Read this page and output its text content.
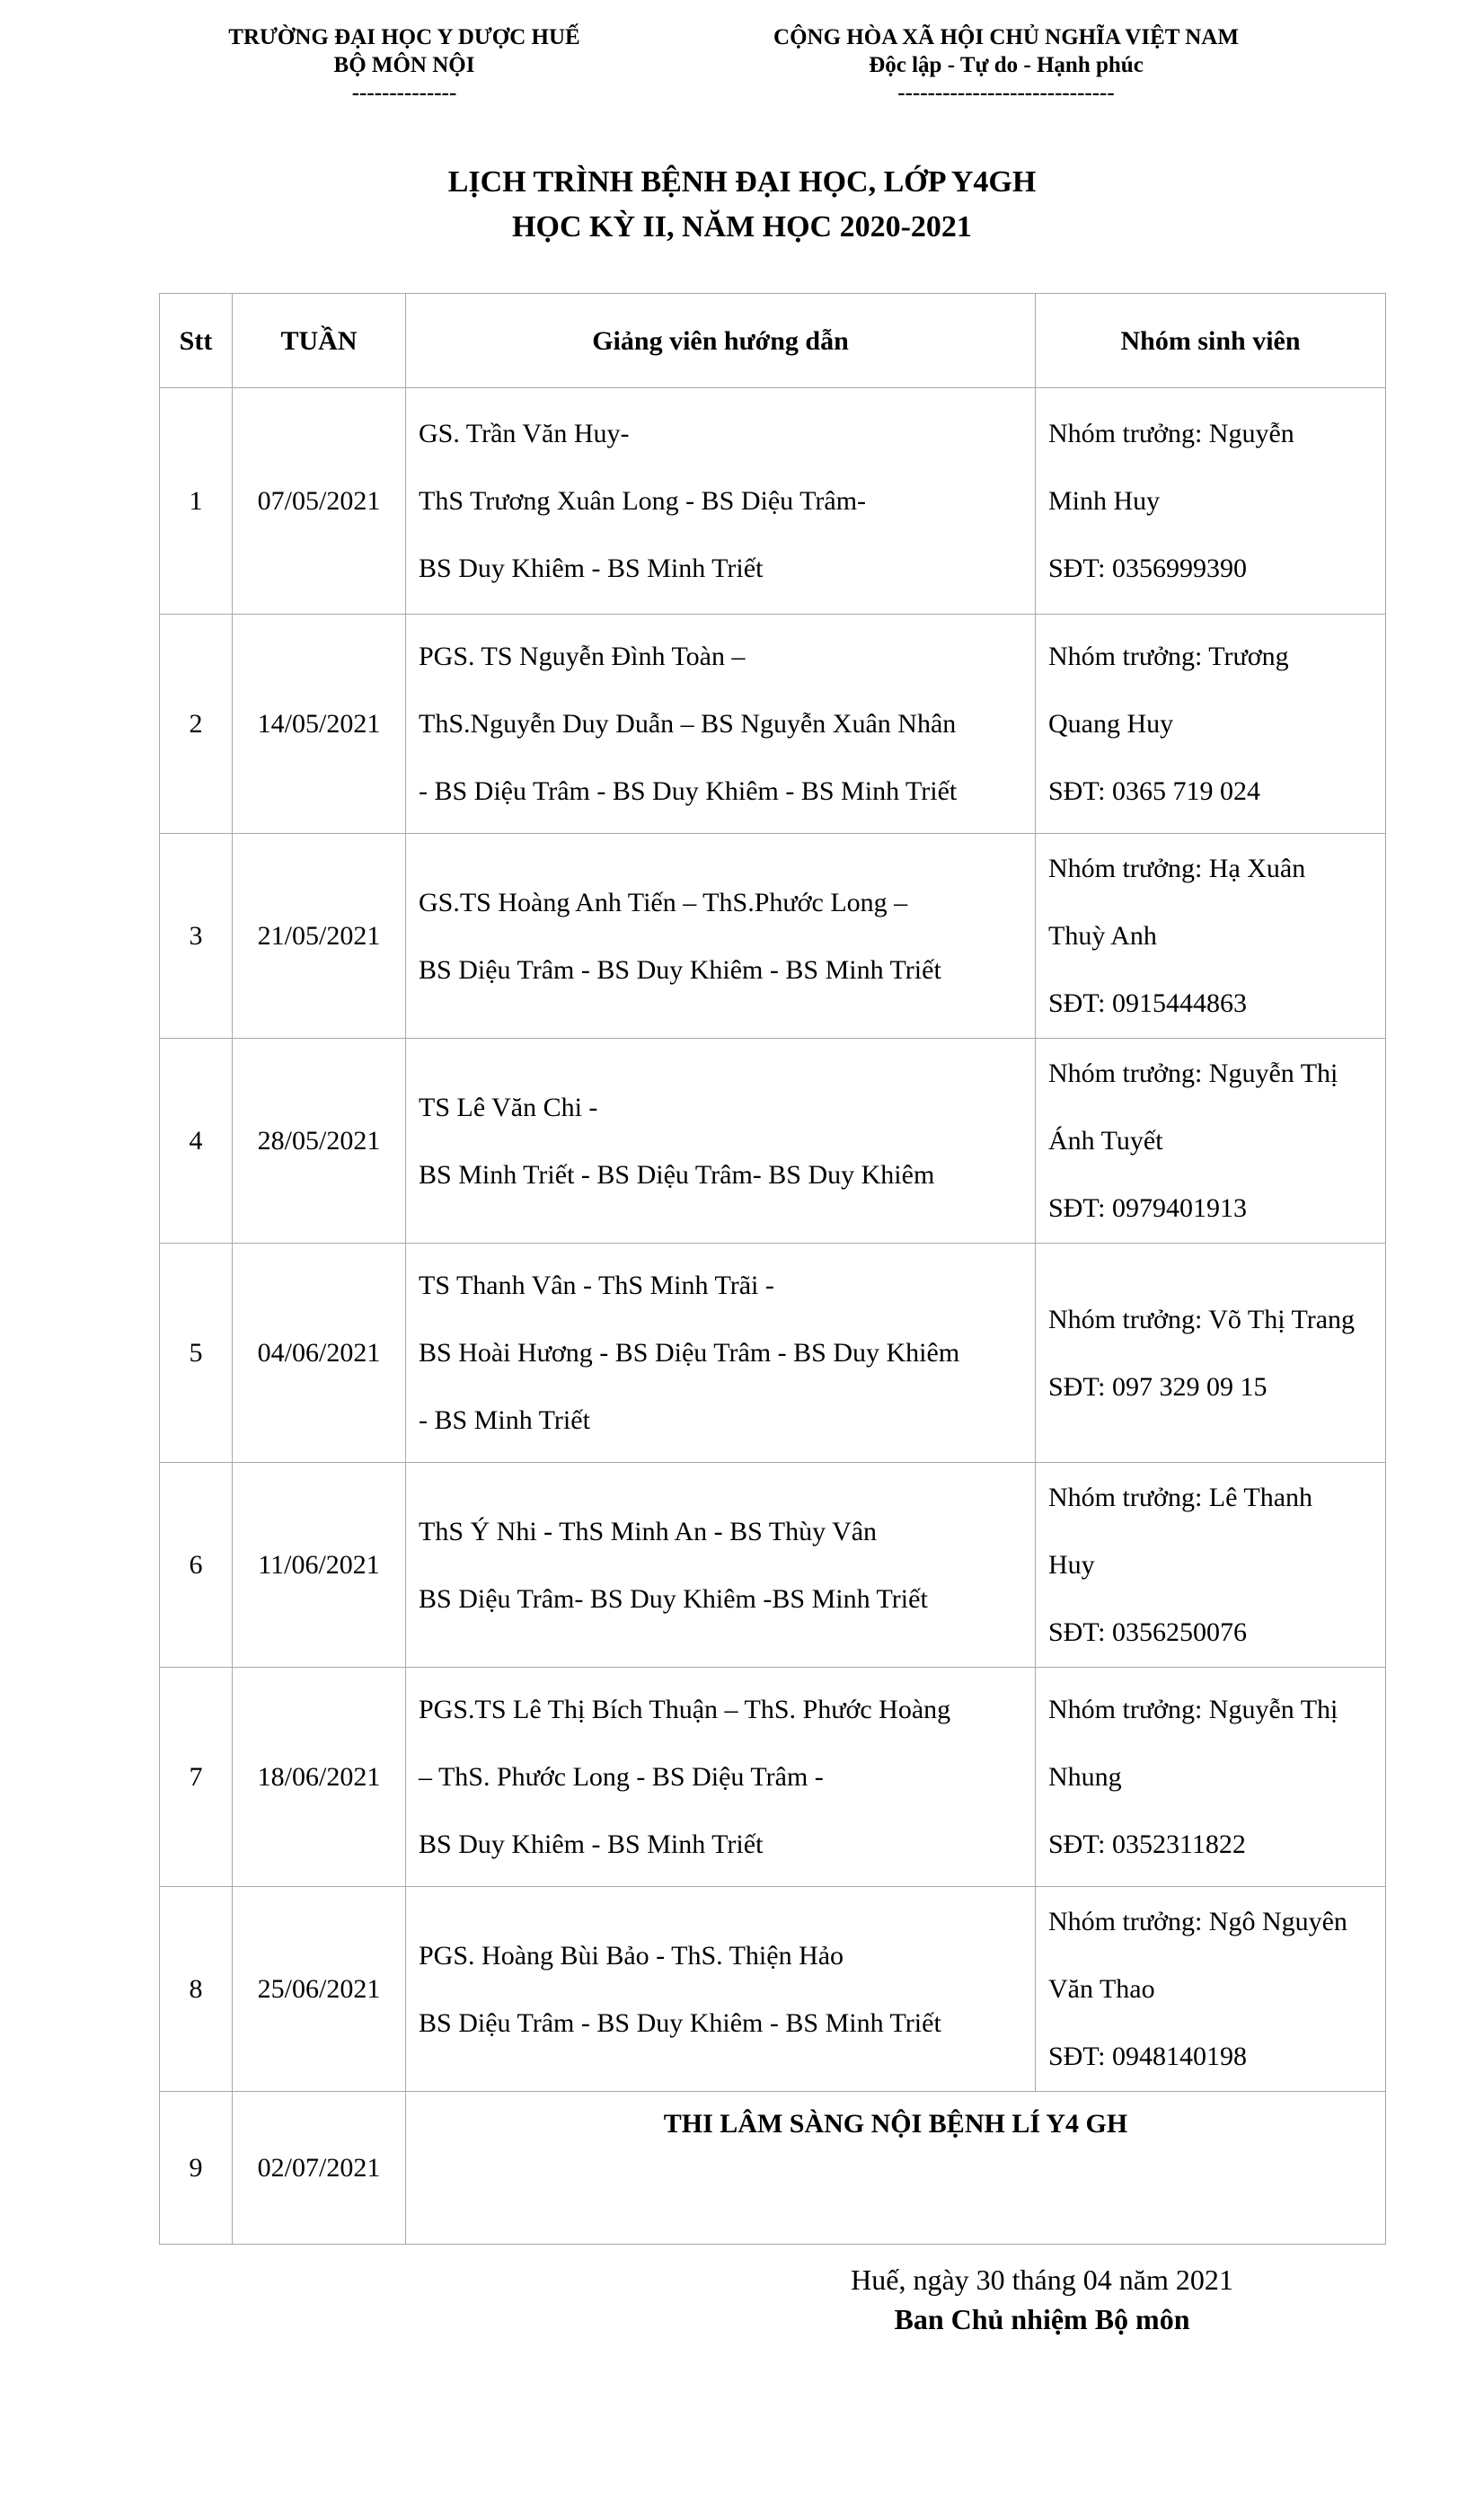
TRƯỜNG ĐẠI HỌC Y DƯỢC HUẾ
BỘ MÔN NỘI
--------------
CỘNG HÒA XÃ HỘI CHỦ NGHĨA VIỆT NAM
Độc lập - Tự do - Hạnh phúc
-----------------------------
LỊCH TRÌNH BỆNH ĐẠI HỌC, LỚP Y4GH
HỌC KỲ II, NĂM HỌC 2020-2021
Stt	TUẦN	Giảng viên hướng dẫn	Nhóm sinh viên
1	07/05/2021	GS. Trần Văn Huy-
ThS Trương Xuân Long - BS Diệu Trâm-
BS Duy Khiêm - BS Minh Triết	Nhóm trưởng: Nguyễn
Minh Huy
SĐT: 0356999390

2	14/05/2021	PGS. TS Nguyễn Đình Toàn –
ThS.Nguyễn Duy Duẫn – BS Nguyễn Xuân Nhân
- BS Diệu Trâm - BS Duy Khiêm - BS Minh Triết	Nhóm trưởng: Trương
Quang Huy
SĐT: 0365 719 024

3	21/05/2021	GS.TS Hoàng Anh Tiến – ThS.Phước Long –
BS Diệu Trâm - BS Duy Khiêm - BS Minh Triết	Nhóm trưởng: Hạ Xuân
Thuỳ Anh
SĐT: 0915444863

4	28/05/2021	TS Lê Văn Chi -
BS Minh Triết - BS Diệu Trâm- BS Duy Khiêm	Nhóm trưởng: Nguyễn Thị
Ánh Tuyết
SĐT: 0979401913

5	04/06/2021	TS Thanh Vân - ThS Minh Trãi -
BS Hoài Hương - BS Diệu Trâm - BS Duy Khiêm
- BS Minh Triết	Nhóm trưởng: Võ Thị Trang
SĐT: 097 329 09 15

6	11/06/2021	ThS Ý Nhi - ThS Minh An - BS Thùy Vân
BS Diệu Trâm- BS Duy Khiêm -BS Minh Triết	Nhóm trưởng: Lê Thanh
Huy
SĐT: 0356250076

7	18/06/2021	PGS.TS Lê Thị Bích Thuận – ThS. Phước Hoàng
– ThS. Phước Long - BS Diệu Trâm -
BS Duy Khiêm - BS Minh Triết	Nhóm trưởng: Nguyễn Thị
Nhung
SĐT: 0352311822

8	25/06/2021	PGS. Hoàng Bùi Bảo - ThS. Thiện Hảo
BS Diệu Trâm - BS Duy Khiêm - BS Minh Triết	Nhóm trưởng: Ngô Nguyên
Văn Thao
SĐT: 0948140198

9	02/07/2021	THI LÂM SÀNG NỘI BỆNH LÍ Y4 GH	
Huế, ngày 30 tháng 04 năm 2021
Ban Chủ nhiệm Bộ môn
